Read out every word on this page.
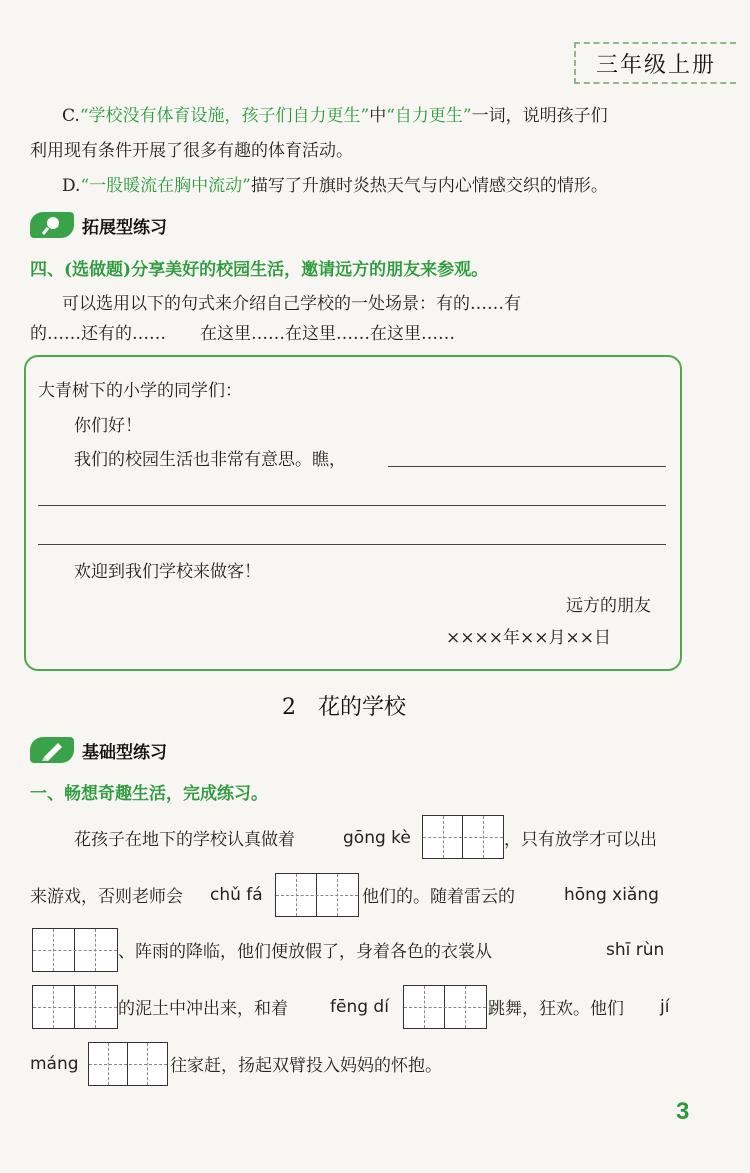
三年级上册
C.“学校没有体育设施，孩子们自力更生”中“自力更生”一词，说明孩子们
利用现有条件开展了很多有趣的体育活动。
D.“一股暖流在胸中流动”描写了升旗时炎热天气与内心情感交织的情形。
拓展型练习
四、(选做题)分享美好的校园生活，邀请远方的朋友来参观。
可以选用以下的句式来介绍自己学校的一处场景：有的……有
的……还有的……　　在这里……在这里……在这里……
大青树下的小学的同学们：
你们好！
我们的校园生活也非常有意思。瞧，
欢迎到我们学校来做客！
远方的朋友
××××年××月××日
2  花的学校
基础型练习
一、畅想奇趣生活，完成练习。
花孩子在地下的学校认真做着	gōng kè	，只有放学才可以出
来游戏，否则老师会 chǔ fá	他们的。随着雷云的	hōng xiǎng
、阵雨的降临，他们便放假了，身着各色的衣裳从	shī rùn
的泥土中冲出来，和着 fēng dí	跳舞，狂欢。他们 jí
máng	往家赶，扬起双臂投入妈妈的怀抱。
3
